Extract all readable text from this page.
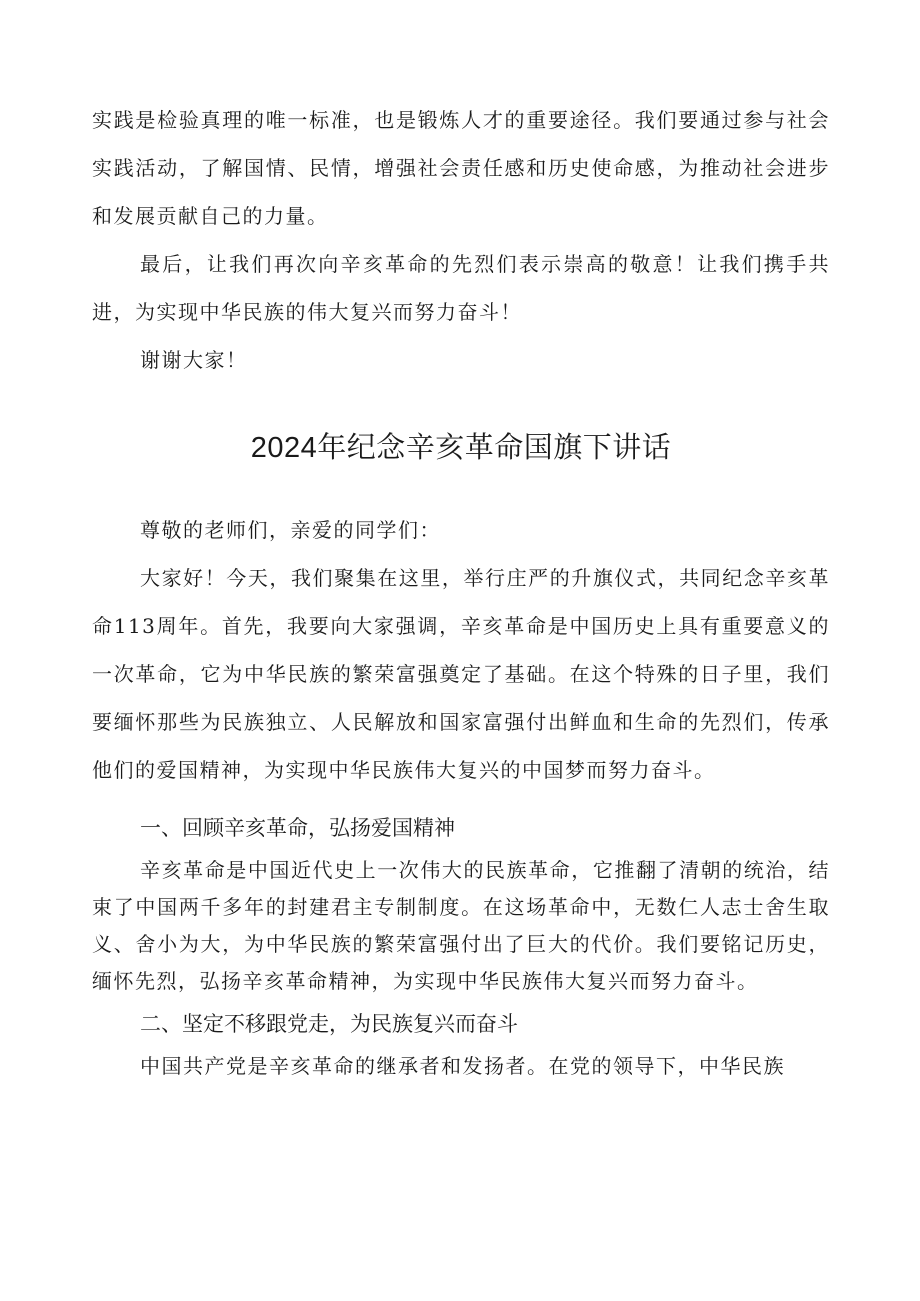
实践是检验真理的唯一标准，也是锻炼人才的重要途径。我们要通过参与社会实践活动，了解国情、民情，增强社会责任感和历史使命感，为推动社会进步和发展贡献自己的力量。

最后，让我们再次向辛亥革命的先烈们表示崇高的敬意！让我们携手共进，为实现中华民族的伟大复兴而努力奋斗！

谢谢大家！

2024年纪念辛亥革命国旗下讲话

尊敬的老师们，亲爱的同学们：

大家好！今天，我们聚集在这里，举行庄严的升旗仪式，共同纪念辛亥革命113周年。首先，我要向大家强调，辛亥革命是中国历史上具有重要意义的一次革命，它为中华民族的繁荣富强奠定了基础。在这个特殊的日子里，我们要缅怀那些为民族独立、人民解放和国家富强付出鲜血和生命的先烈们，传承他们的爱国精神，为实现中华民族伟大复兴的中国梦而努力奋斗。

一、回顾辛亥革命，弘扬爱国精神

辛亥革命是中国近代史上一次伟大的民族革命，它推翻了清朝的统治，结束了中国两千多年的封建君主专制制度。在这场革命中，无数仁人志士舍生取义、舍小为大，为中华民族的繁荣富强付出了巨大的代价。我们要铭记历史，缅怀先烈，弘扬辛亥革命精神，为实现中华民族伟大复兴而努力奋斗。

二、坚定不移跟党走，为民族复兴而奋斗

中国共产党是辛亥革命的继承者和发扬者。在党的领导下，中华民族
